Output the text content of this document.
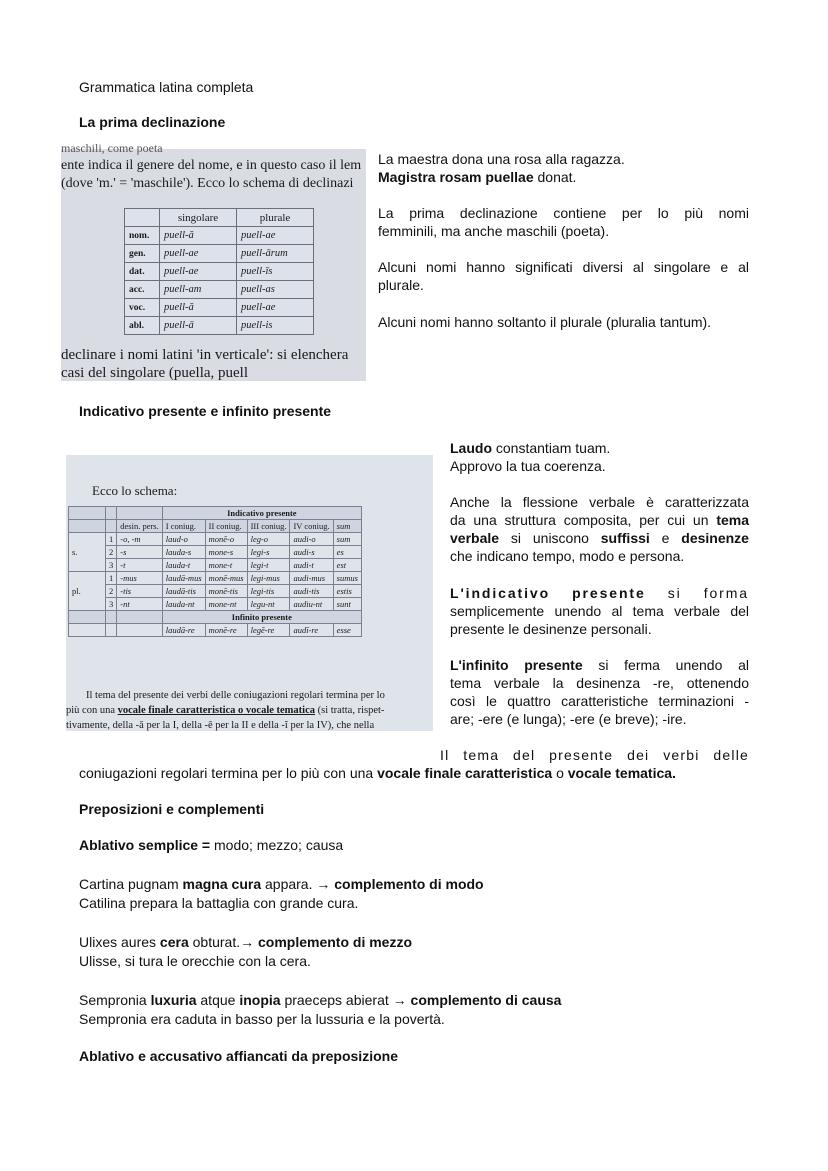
Grammatica latina completa
La prima declinazione
maschili, come poeta
ente indica il genere del nome, e in questo caso il lem
(dove 'm.' = 'maschile'). Ecco lo schema di declinazi
	singolare	plurale
nom.	puell-ă	puell-ae
gen.	puell-ae	puell-ārum
dat.	puell-ae	puell-īs
acc.	puell-am	puell-as
voc.	puell-ă	puell-ae
abl.	puell-ā	puell-is
declinare i nomi latini 'in verticale': si elenchera
casi del singolare (puella, puell
La maestra dona una rosa alla ragazza.
Magistra rosam puellae donat.
La prima declinazione contiene per lo più nomi
femminili, ma anche maschili (poeta).
Alcuni nomi hanno significati diversi al singolare e al
plurale.
Alcuni nomi hanno soltanto il plurale (pluralia tantum).
Indicativo presente e infinito presente
Ecco lo schema:
			Indicativo presente				
		desin. pers.	I coniug.	II coniug.	III coniug.	IV coniug.	sum
s.	1	-o, -m	laud-o	monĕ-o	leg-o	audi-o	sum
	2	-s	lauda-s	mone-s	legi-s	audi-s	es
	3	-t	lauda-t	mone-t	legi-t	audi-t	est
pl.	1	-mus	laudā-mus	monē-mus	legi-mus	audi-mus	sumus
	2	-tis	laudā-tis	monē-tis	legi-tis	audi-tis	estis
	3	-nt	lauda-nt	mone-nt	legu-nt	audiu-nt	sunt
			Infinito presente				
			laudā-re	monē-re	legĕ-re	audī-re	esse
Il tema del presente dei verbi delle coniugazioni regolari termina per lo
più con una vocale finale caratteristica o vocale tematica (si tratta, rispet-
tivamente, della -ā per la I, della -ē per la II e della -ĭ per la IV), che nella
Laudo constantiam tuam.
Approvo la tua coerenza.
Anche la flessione verbale è caratterizzata
da una struttura composita, per cui un tema
verbale si uniscono suffissi e desinenze
che indicano tempo, modo e persona.
L'indicativo presente si forma
semplicemente unendo al tema verbale del
presente le desinenze personali.
L'infinito presente si ferma unendo al
tema verbale la desinenza -re, ottenendo
così le quattro caratteristiche terminazioni -
are; -ere (e lunga); -ere (e breve); -ire.
Il tema del presente dei verbi delle
coniugazioni regolari termina per lo più con una vocale finale caratteristica o vocale tematica.
Preposizioni e complementi
Ablativo semplice = modo; mezzo; causa
Cartina pugnam magna cura appara. → complemento di modo
Catilina prepara la battaglia con grande cura.
Ulixes aures cera obturat.→ complemento di mezzo
Ulisse, si tura le orecchie con la cera.
Sempronia luxuria atque inopia praeceps abierat → complemento di causa
Sempronia era caduta in basso per la lussuria e la povertà.
Ablativo e accusativo affiancati da preposizione
